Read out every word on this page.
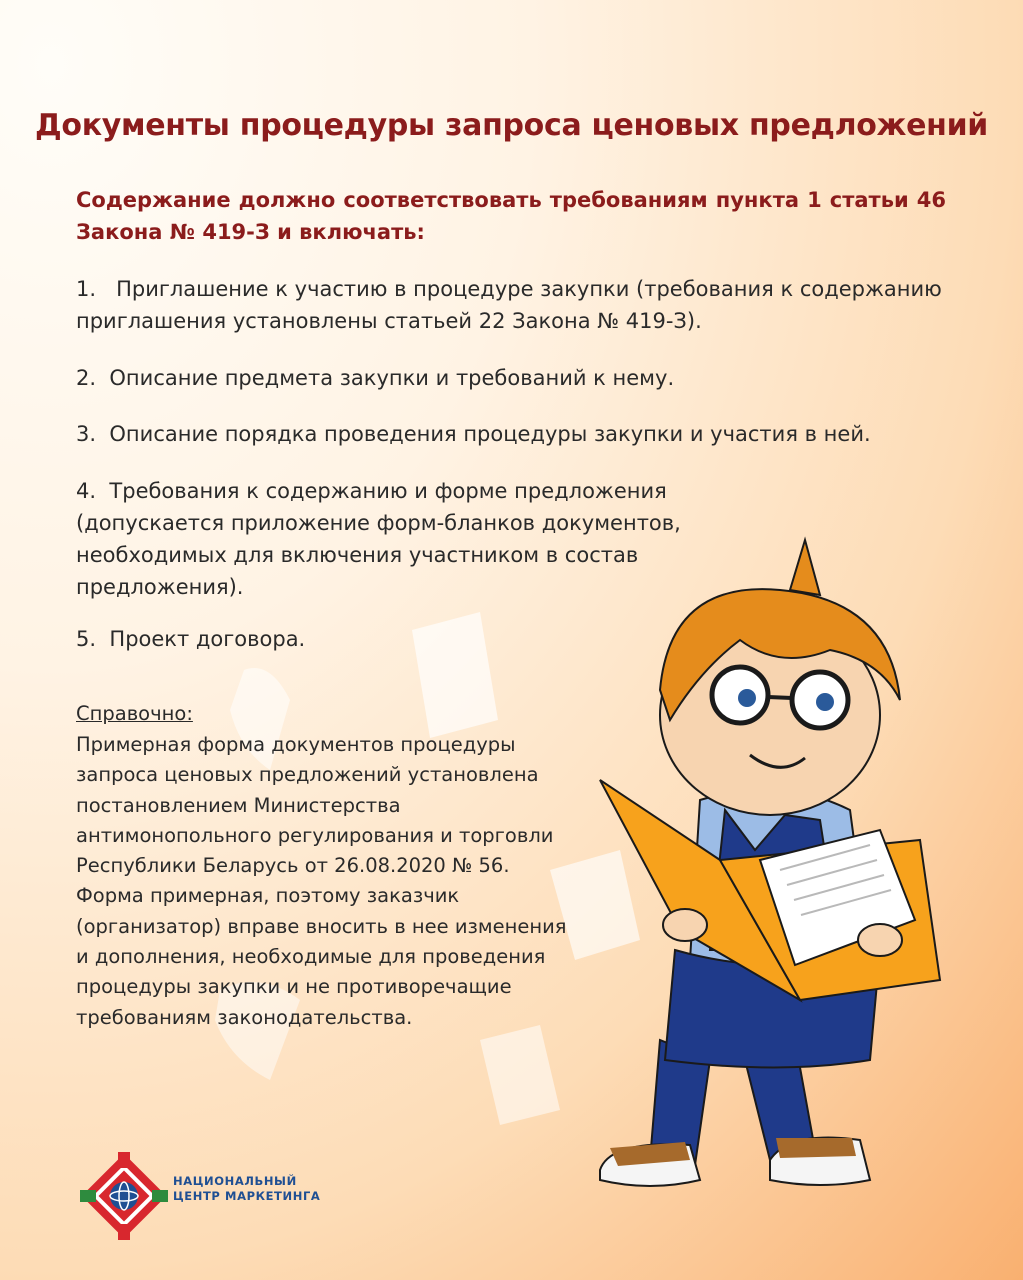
Документы процедуры запроса ценовых предложений

Содержание должно соответствовать требованиям пункта 1 статьи 46 Закона № 419-З и включать:

1. Приглашение к участию в процедуре закупки (требования к содержанию приглашения установлены статьей 22 Закона № 419-З).
2. Описание предмета закупки и требований к нему.
3. Описание порядка проведения процедуры закупки и участия в ней.
4. Требования к содержанию и форме предложения (допускается приложение форм-бланков документов, необходимых для включения участником в состав предложения).
5. Проект договора.

Справочно:

Примерная форма документов процедуры
запроса ценовых предложений установлена
постановлением Министерства
антимонопольного регулирования и торговли
Республики Беларусь от 26.08.2020 № 56.
Форма примерная, поэтому заказчик
(организатор) вправе вносить в нее изменения
и дополнения, необходимые для проведения
процедуры закупки и не противоречащие
требованиям законодательства.

НАЦИОНАЛЬНЫЙ
ЦЕНТР МАРКЕТИНГА
